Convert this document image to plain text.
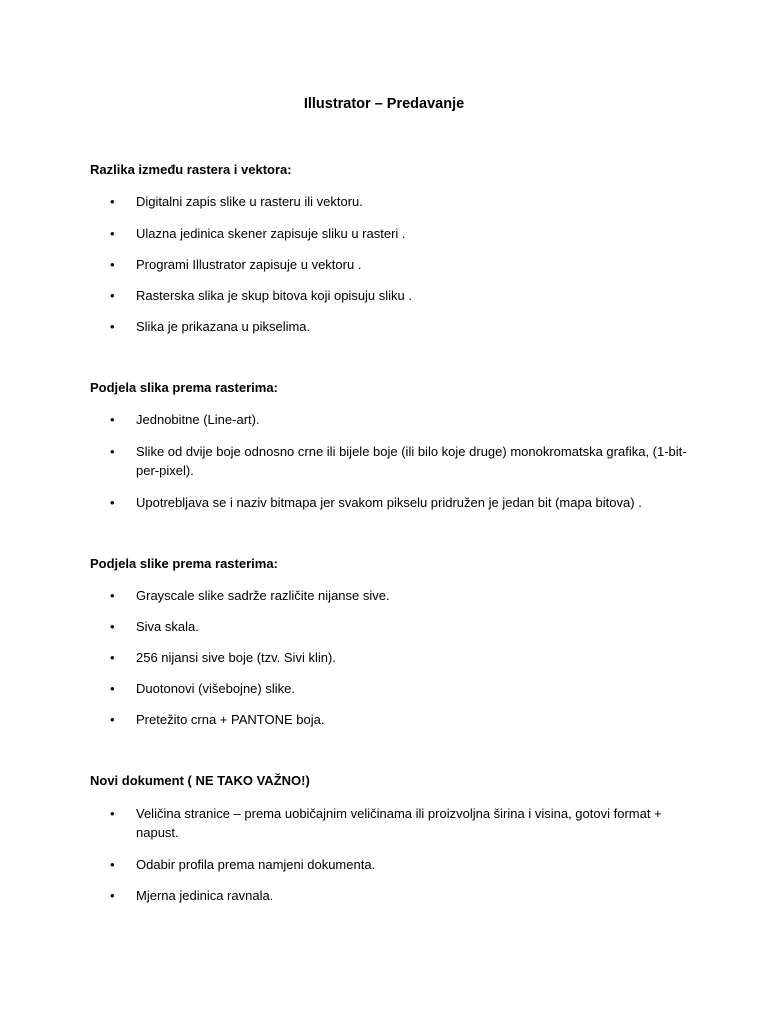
Illustrator – Predavanje
Razlika između rastera i vektora:
•	Digitalni zapis slike u rasteru ili vektoru.
•	Ulazna jedinica skener zapisuje sliku u rasteri .
•	Programi Illustrator zapisuje u vektoru .
•	Rasterska slika je skup bitova koji opisuju sliku .
•	Slika je prikazana u pikselima.
Podjela slika prema rasterima:
•	Jednobitne (Line-art).
•	Slike od dvije boje odnosno crne ili bijele boje (ili bilo koje druge) monokromatska grafika, (1-bit-per-pixel).
•	Upotrebljava se i naziv bitmapa jer svakom pikselu pridružen je jedan bit (mapa bitova) .
Podjela slike prema rasterima:
•	Grayscale slike sadrže različite nijanse sive.
•	Siva skala.
•	256 nijansi sive boje (tzv. Sivi klin).
•	Duotonovi (višebojne) slike.
•	Pretežito crna + PANTONE boja.
Novi dokument ( NE TAKO VAŽNO!)
•	Veličina stranice – prema uobičajnim veličinama ili proizvoljna širina i visina, gotovi format + napust.
•	Odabir profila prema namjeni dokumenta.
•	Mjerna jedinica ravnala.
